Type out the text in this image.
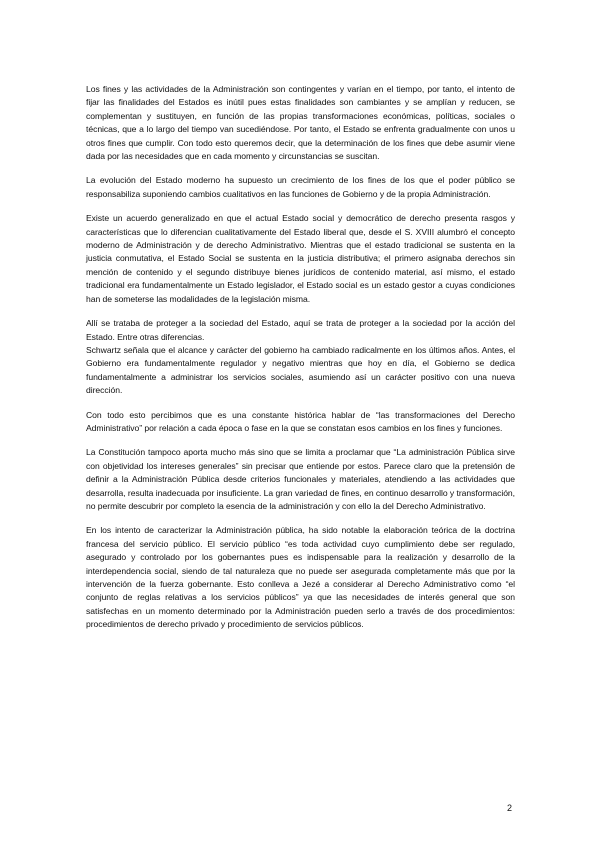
Los fines y las actividades de la Administración son contingentes y varían en el tiempo, por tanto, el intento de fijar las finalidades del Estados es inútil pues estas finalidades son cambiantes y se amplían y reducen, se complementan y sustituyen, en función de las propias transformaciones económicas, políticas, sociales o técnicas, que a lo largo del tiempo van sucediéndose. Por tanto, el Estado se enfrenta gradualmente con unos u otros fines que cumplir. Con todo esto queremos decir, que la determinación de los fines que debe asumir viene dada por las necesidades que en cada momento y circunstancias se suscitan.

La evolución del Estado moderno ha supuesto un crecimiento de los fines de los que el poder público se responsabiliza suponiendo cambios cualitativos en las funciones de Gobierno y de la propia Administración.

Existe un acuerdo generalizado en que el actual Estado social y democrático de derecho presenta rasgos y características que lo diferencian cualitativamente del Estado liberal que, desde el S. XVIII alumbró el concepto moderno de Administración y de derecho Administrativo. Mientras que el estado tradicional se sustenta en la justicia conmutativa, el Estado Social se sustenta en la justicia distributiva; el primero asignaba derechos sin mención de contenido y el segundo distribuye bienes jurídicos de contenido material, así mismo, el estado tradicional era fundamentalmente un Estado legislador, el Estado social es un estado gestor a cuyas condiciones han de someterse las modalidades de la legislación misma.

Allí se trataba de proteger a la sociedad del Estado, aquí se trata de proteger a la sociedad por la acción del Estado. Entre otras diferencias.

Schwartz señala que el alcance y carácter del gobierno ha cambiado radicalmente en los últimos años. Antes, el Gobierno era fundamentalmente regulador y negativo mientras que hoy en día, el Gobierno se dedica fundamentalmente a administrar los servicios sociales, asumiendo así un carácter positivo con una nueva dirección.

Con todo esto percibimos que es una constante histórica hablar de “las transformaciones del Derecho Administrativo” por relación a cada época o fase en la que se constatan esos cambios en los fines y funciones.

La Constitución tampoco aporta mucho más sino que se limita a proclamar que “La administración Pública sirve con objetividad los intereses generales” sin precisar que entiende por estos. Parece claro que la pretensión de definir a la Administración Pública desde criterios funcionales y materiales, atendiendo a las actividades que desarrolla, resulta inadecuada por insuficiente. La gran variedad de fines, en continuo desarrollo y transformación, no permite descubrir por completo la esencia de la administración y con ello la del Derecho Administrativo.

En los intento de caracterizar la Administración pública, ha sido notable la elaboración teórica de la doctrina francesa del servicio público. El servicio público “es toda actividad cuyo cumplimiento debe ser regulado, asegurado y controlado por los gobernantes pues es indispensable para la realización y desarrollo de la interdependencia social, siendo de tal naturaleza que no puede ser asegurada completamente más que por la intervención de la fuerza gobernante. Esto conlleva a Jezé a considerar al Derecho Administrativo como “el conjunto de reglas relativas a los servicios públicos” ya que las necesidades de interés general que son satisfechas en un momento determinado por la Administración pueden serlo a través de dos procedimientos: procedimientos de derecho privado y procedimiento de servicios públicos.

2
